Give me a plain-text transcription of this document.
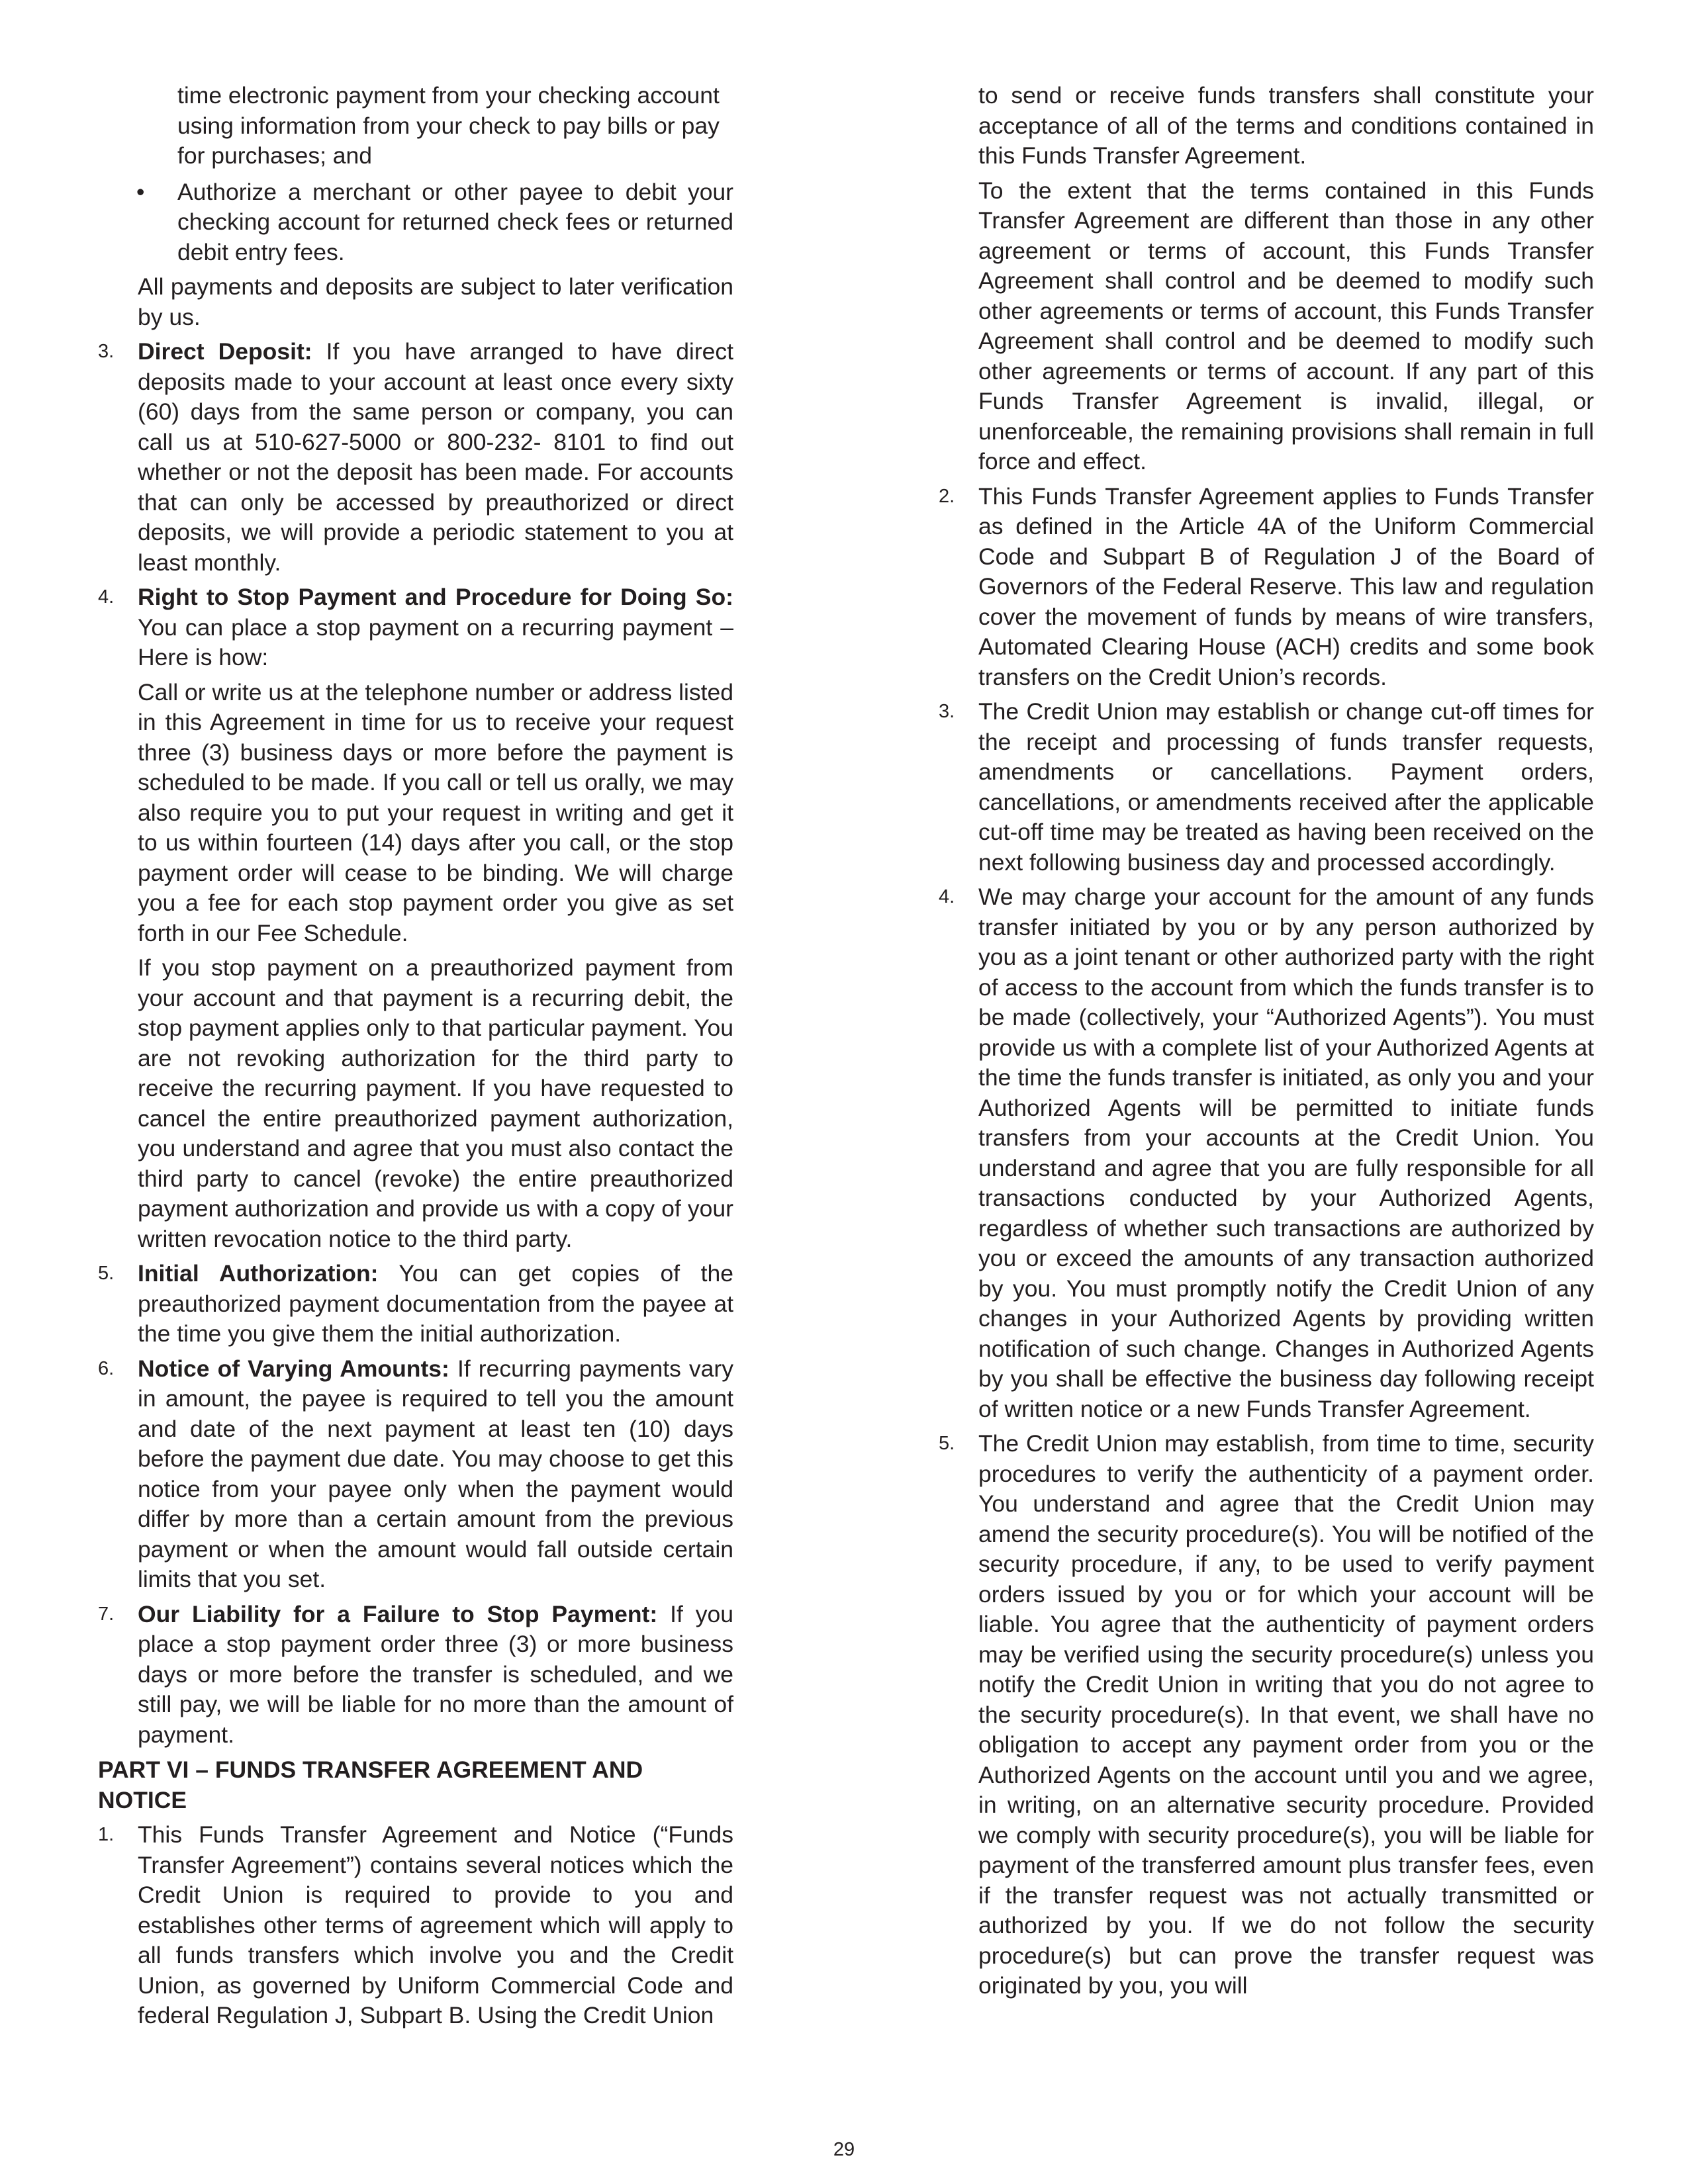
time electronic payment from your checking account using information from your check to pay bills or pay for purchases; and

• Authorize a merchant or other payee to debit your checking account for returned check fees or returned debit entry fees.

All payments and deposits are subject to later verification by us.

3. Direct Deposit: If you have arranged to have direct deposits made to your account at least once every sixty (60) days from the same person or company, you can call us at 510-627-5000 or 800-232- 8101 to find out whether or not the deposit has been made. For accounts that can only be accessed by preauthorized or direct deposits, we will provide a periodic statement to you at least monthly.

4. Right to Stop Payment and Procedure for Doing So: You can place a stop payment on a recurring payment – Here is how:

Call or write us at the telephone number or address listed in this Agreement in time for us to receive your request three (3) business days or more before the payment is scheduled to be made. If you call or tell us orally, we may also require you to put your request in writing and get it to us within fourteen (14) days after you call, or the stop payment order will cease to be binding. We will charge you a fee for each stop payment order you give as set forth in our Fee Schedule.

If you stop payment on a preauthorized payment from your account and that payment is a recurring debit, the stop payment applies only to that particular payment. You are not revoking authorization for the third party to receive the recurring payment. If you have requested to cancel the entire preauthorized payment authorization, you understand and agree that you must also contact the third party to cancel (revoke) the entire preauthorized payment authorization and provide us with a copy of your written revocation notice to the third party.

5. Initial Authorization: You can get copies of the preauthorized payment documentation from the payee at the time you give them the initial authorization.

6. Notice of Varying Amounts: If recurring payments vary in amount, the payee is required to tell you the amount and date of the next payment at least ten (10) days before the payment due date. You may choose to get this notice from your payee only when the payment would differ by more than a certain amount from the previous payment or when the amount would fall outside certain limits that you set.

7. Our Liability for a Failure to Stop Payment: If you place a stop payment order three (3) or more business days or more before the transfer is scheduled, and we still pay, we will be liable for no more than the amount of payment.

PART VI – FUNDS TRANSFER AGREEMENT AND NOTICE

1. This Funds Transfer Agreement and Notice (“Funds Transfer Agreement”) contains several notices which the Credit Union is required to provide to you and establishes other terms of agreement which will apply to all funds transfers which involve you and the Credit Union, as governed by Uniform Commercial Code and federal Regulation J, Subpart B. Using the Credit Union

to send or receive funds transfers shall constitute your acceptance of all of the terms and conditions contained in this Funds Transfer Agreement.

To the extent that the terms contained in this Funds Transfer Agreement are different than those in any other agreement or terms of account, this Funds Transfer Agreement shall control and be deemed to modify such other agreements or terms of account, this Funds Transfer Agreement shall control and be deemed to modify such other agreements or terms of account. If any part of this Funds Transfer Agreement is invalid, illegal, or unenforceable, the remaining provisions shall remain in full force and effect.

2. This Funds Transfer Agreement applies to Funds Transfer as defined in the Article 4A of the Uniform Commercial Code and Subpart B of Regulation J of the Board of Governors of the Federal Reserve. This law and regulation cover the movement of funds by means of wire transfers, Automated Clearing House (ACH) credits and some book transfers on the Credit Union’s records.

3. The Credit Union may establish or change cut-off times for the receipt and processing of funds transfer requests, amendments or cancellations. Payment orders, cancellations, or amendments received after the applicable cut-off time may be treated as having been received on the next following business day and processed accordingly.

4. We may charge your account for the amount of any funds transfer initiated by you or by any person authorized by you as a joint tenant or other authorized party with the right of access to the account from which the funds transfer is to be made (collectively, your “Authorized Agents”). You must provide us with a complete list of your Authorized Agents at the time the funds transfer is initiated, as only you and your Authorized Agents will be permitted to initiate funds transfers from your accounts at the Credit Union. You understand and agree that you are fully responsible for all transactions conducted by your Authorized Agents, regardless of whether such transactions are authorized by you or exceed the amounts of any transaction authorized by you. You must promptly notify the Credit Union of any changes in your Authorized Agents by providing written notification of such change. Changes in Authorized Agents by you shall be effective the business day following receipt of written notice or a new Funds Transfer Agreement.

5. The Credit Union may establish, from time to time, security procedures to verify the authenticity of a payment order. You understand and agree that the Credit Union may amend the security procedure(s). You will be notified of the security procedure, if any, to be used to verify payment orders issued by you or for which your account will be liable. You agree that the authenticity of payment orders may be verified using the security procedure(s) unless you notify the Credit Union in writing that you do not agree to the security procedure(s). In that event, we shall have no obligation to accept any payment order from you or the Authorized Agents on the account until you and we agree, in writing, on an alternative security procedure. Provided we comply with security procedure(s), you will be liable for payment of the transferred amount plus transfer fees, even if the transfer request was not actually transmitted or authorized by you. If we do not follow the security procedure(s) but can prove the transfer request was originated by you, you will

29
